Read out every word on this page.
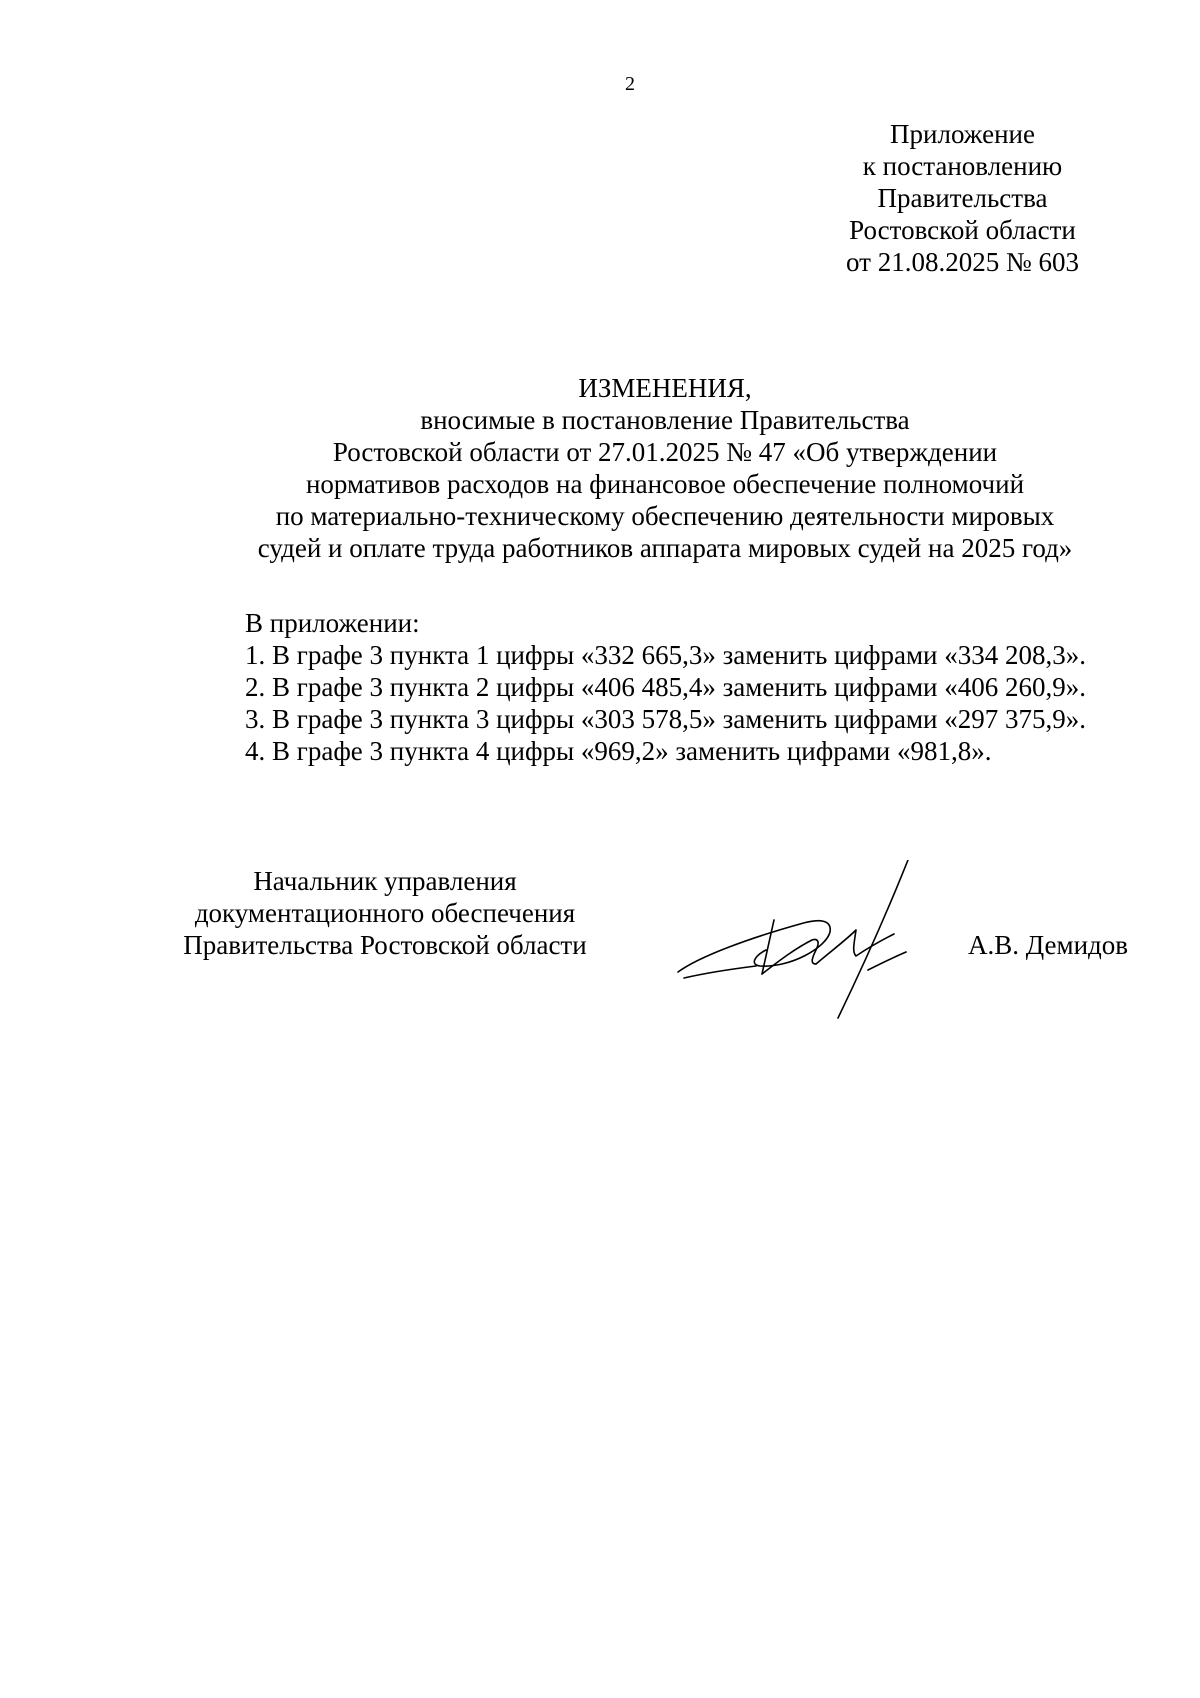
2
Приложение
к постановлению
Правительства
Ростовской области
от 21.08.2025 № 603
ИЗМЕНЕНИЯ,
вносимые в постановление Правительства
Ростовской области от 27.01.2025 № 47 «Об утверждении
нормативов расходов на финансовое обеспечение полномочий
по материально-техническому обеспечению деятельности мировых
судей и оплате труда работников аппарата мировых судей на 2025 год»
В приложении:
1. В графе 3 пункта 1 цифры «332 665,3» заменить цифрами «334 208,3».
2. В графе 3 пункта 2 цифры «406 485,4» заменить цифрами «406 260,9».
3. В графе 3 пункта 3 цифры «303 578,5» заменить цифрами «297 375,9».
4. В графе 3 пункта 4 цифры «969,2» заменить цифрами «981,8».
Начальник управления
документационного обеспечения
Правительства Ростовской области	А.В. Демидов
